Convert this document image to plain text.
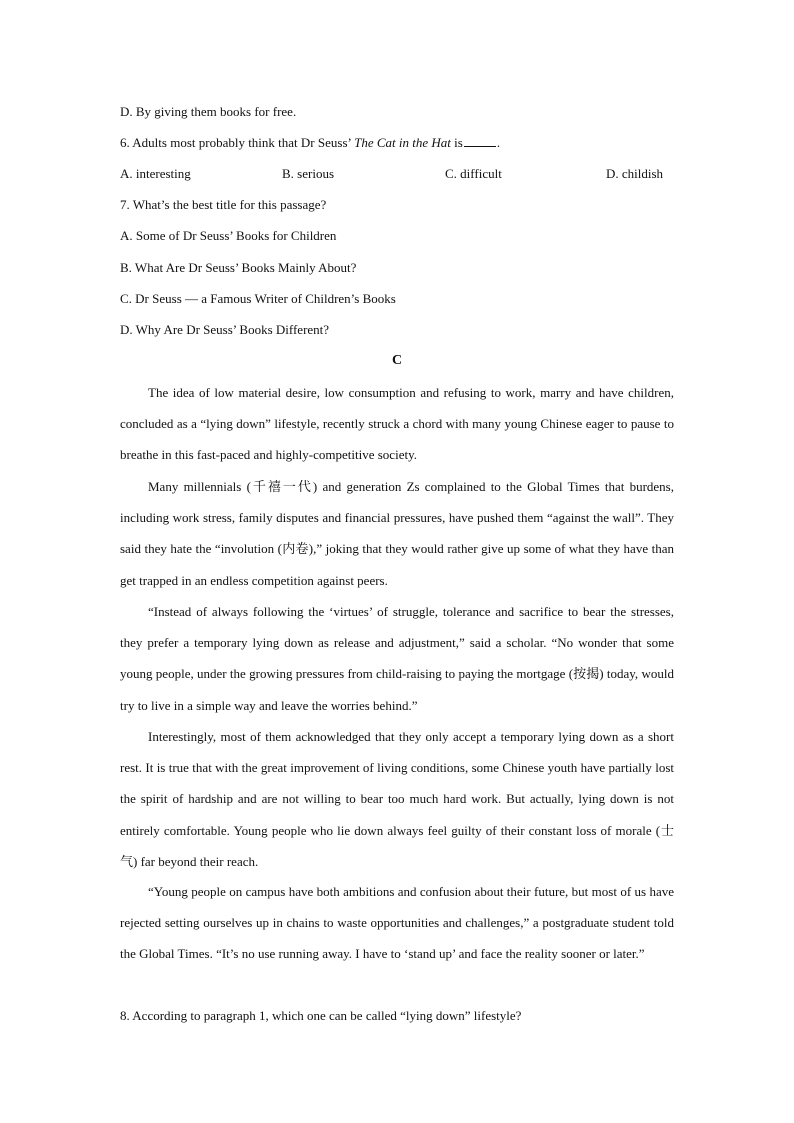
D. By giving them books for free.
6. Adults most probably think that Dr Seuss’ The Cat in the Hat is	.
A. interesting	B. serious	C. difficult	D. childish
7. What’s the best title for this passage?
A. Some of Dr Seuss’ Books for Children
B. What Are Dr Seuss’ Books Mainly About?
C. Dr Seuss — a Famous Writer of Children’s Books
D. Why Are Dr Seuss’ Books Different?
C

The idea of low material desire, low consumption and refusing to work, marry and have children, concluded as a “lying down” lifestyle, recently struck a chord with many young Chinese eager to pause to breathe in this fast-paced and highly-competitive society.

Many millennials (千禧一代) and generation Zs complained to the Global Times that burdens, including work stress, family disputes and financial pressures, have pushed them “against the wall”. They said they hate the “involution (内卷),” joking that they would rather give up some of what they have than get trapped in an endless competition against peers.

“Instead of always following the ‘virtues’ of struggle, tolerance and sacrifice to bear the stresses, they prefer a temporary lying down as release and adjustment,” said a scholar. “No wonder that some young people, under the growing pressures from child-raising to paying the mortgage (按揭) today, would try to live in a simple way and leave the worries behind.”

Interestingly, most of them acknowledged that they only accept a temporary lying down as a short rest. It is true that with the great improvement of living conditions, some Chinese youth have partially lost the spirit of hardship and are not willing to bear too much hard work. But actually, lying down is not entirely comfortable. Young people who lie down always feel guilty of their constant loss of morale (士气) far beyond their reach.

“Young people on campus have both ambitions and confusion about their future, but most of us have rejected setting ourselves up in chains to waste opportunities and challenges,” a postgraduate student told the Global Times. “It’s no use running away. I have to ‘stand up’ and face the reality sooner or later.”

8. According to paragraph 1, which one can be called “lying down” lifestyle?
